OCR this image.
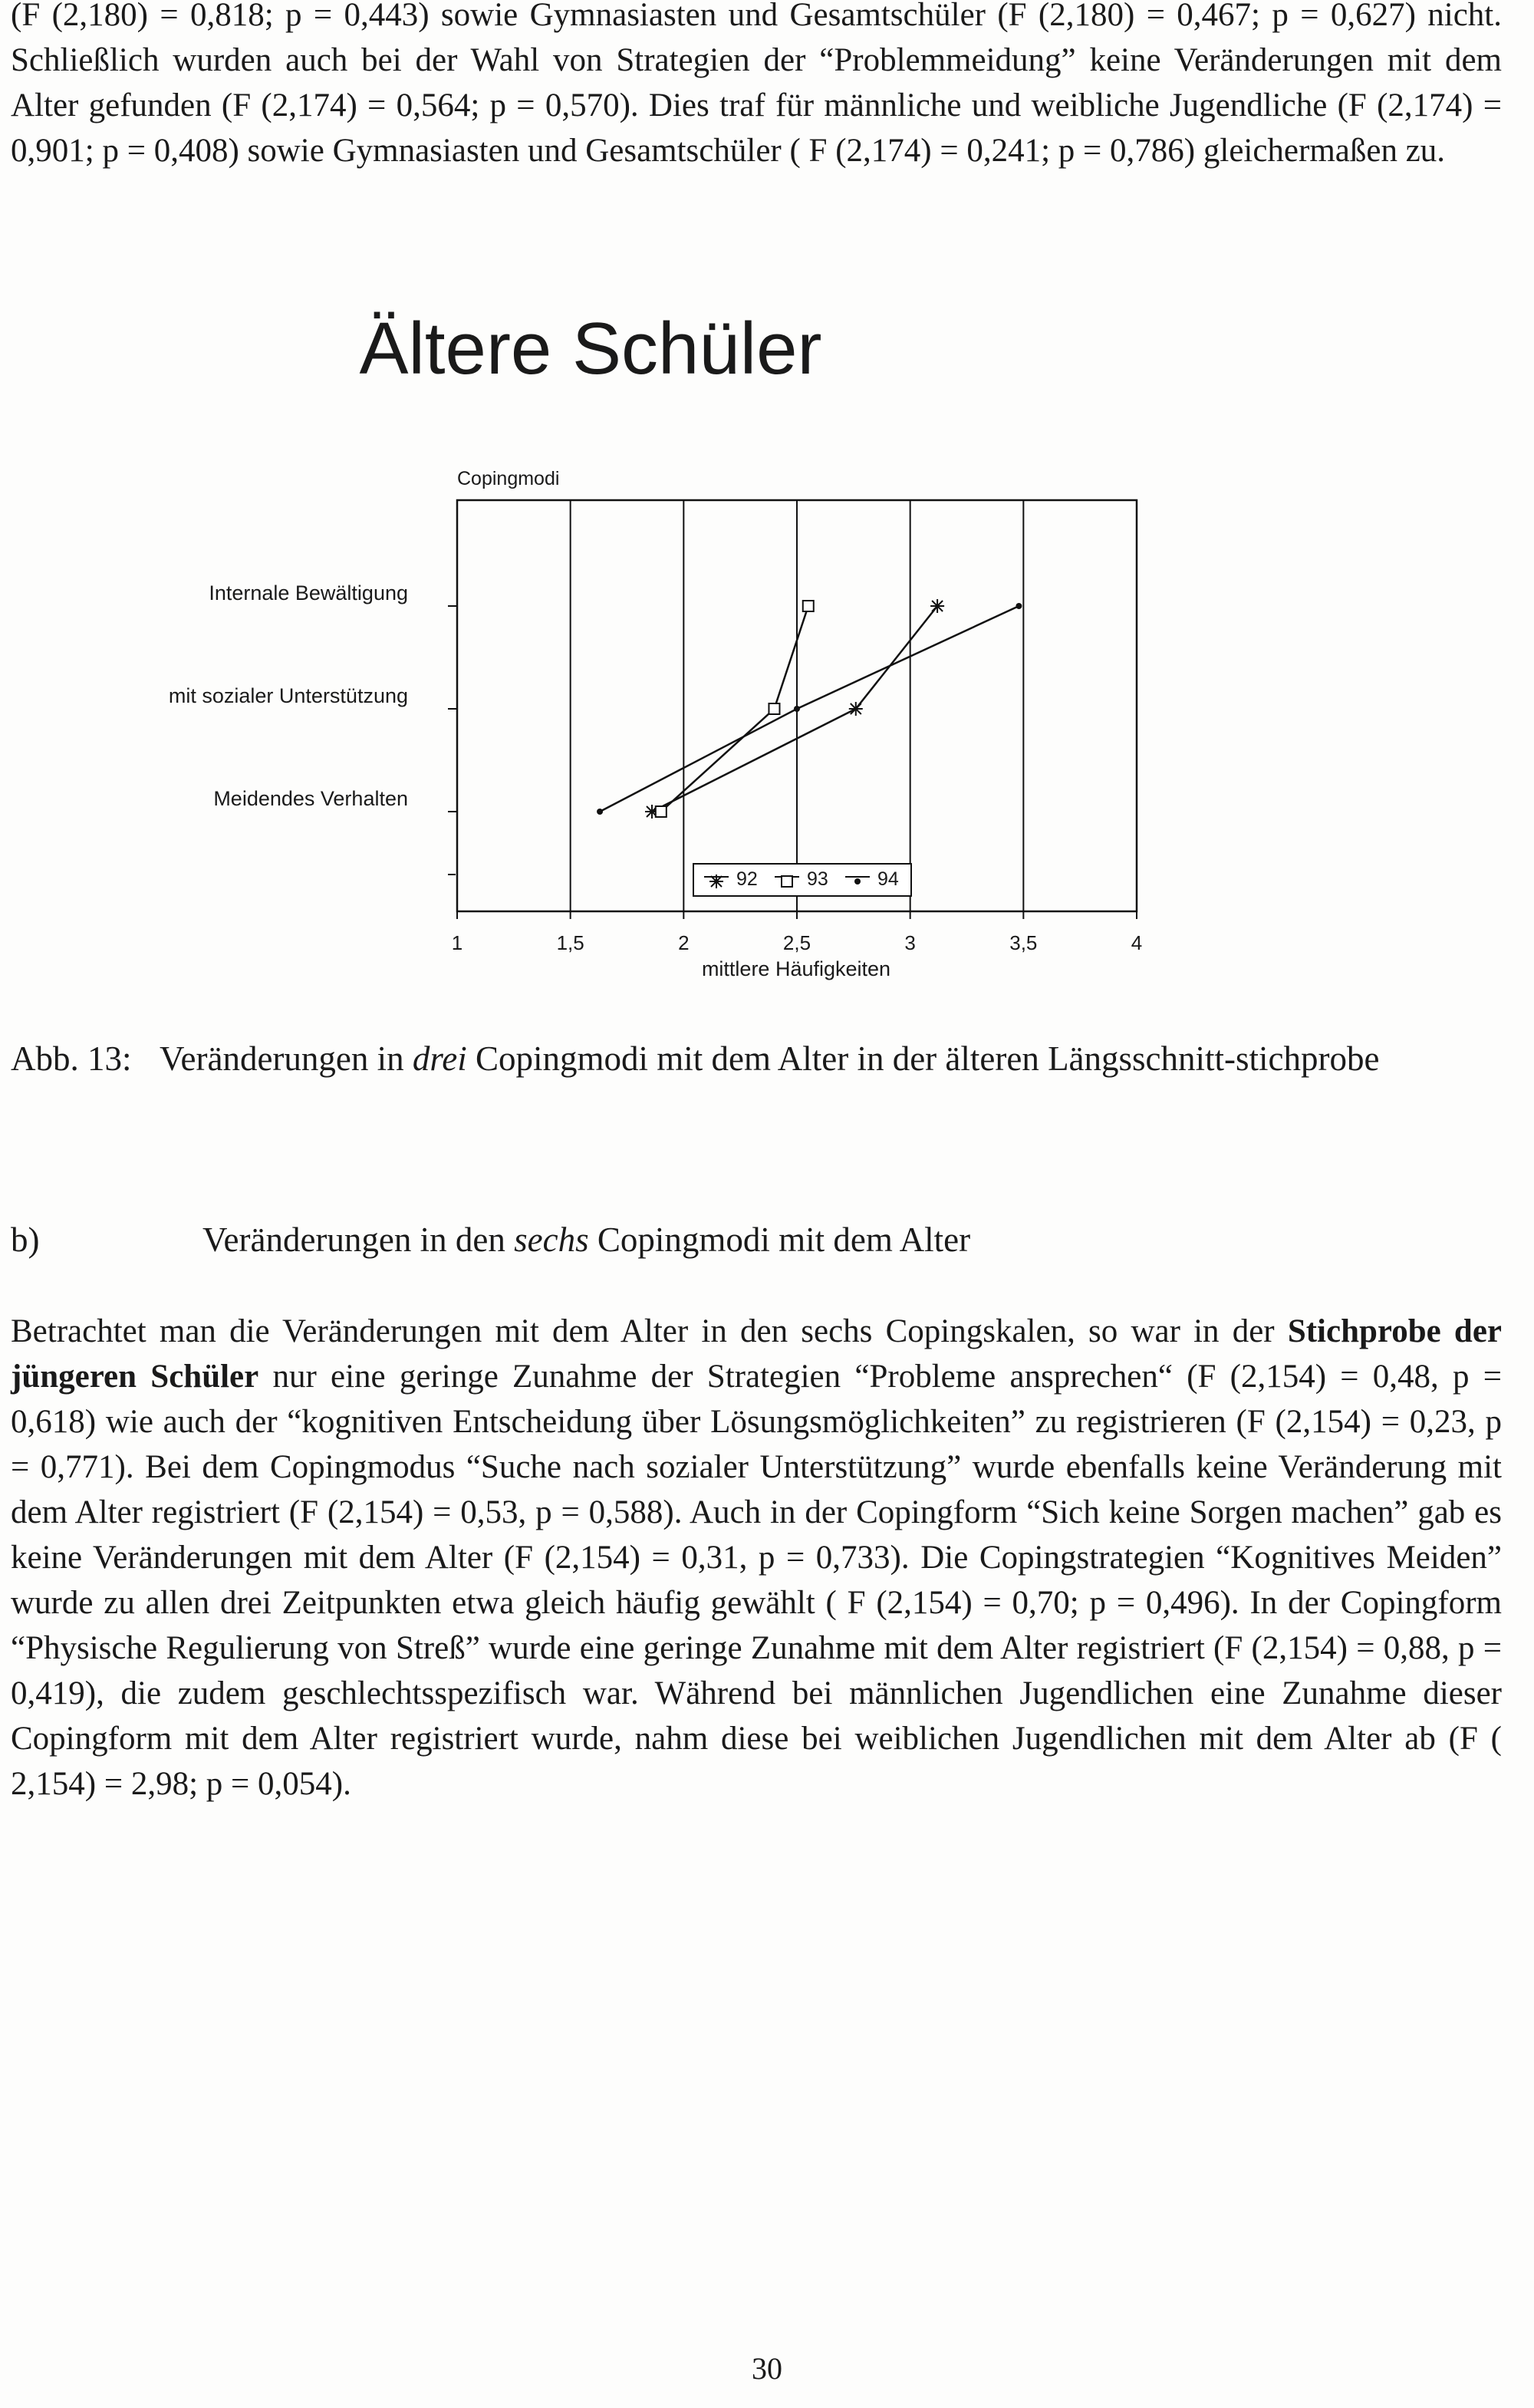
(F (2,180) = 0,818; p = 0,443) sowie Gymnasiasten und Gesamtschüler (F (2,180) = 0,467; p = 0,627) nicht. Schließlich wurden auch bei der Wahl von Strategien der “Problemmeidung” keine Veränderungen mit dem Alter gefunden (F (2,174) = 0,564; p = 0,570). Dies traf für männliche und weibliche Jugendliche (F (2,174) = 0,901; p = 0,408) sowie Gymnasiasten und Gesamtschüler ( F (2,174) = 0,241; p = 0,786) gleichermaßen zu.

Ältere Schüler
Copingmodi
Internale Bewältigung
mit sozialer Unterstützung
Meidendes Verhalten
1	1,5	2	2,5	3	3,5	4
mittlere Häufigkeiten
92	93	94
Abb. 13: Veränderungen in drei Copingmodi mit dem Alter in der älteren Längsschnitt-stichprobe
b)	Veränderungen in den sechs Copingmodi mit dem Alter

Betrachtet man die Veränderungen mit dem Alter in den sechs Copingskalen, so war in der Stichprobe der jüngeren Schüler nur eine geringe Zunahme der Strategien “Probleme ansprechen“ (F (2,154) = 0,48, p = 0,618) wie auch der “kognitiven Entscheidung über Lösungsmöglichkeiten” zu registrieren (F (2,154) = 0,23, p = 0,771). Bei dem Copingmodus “Suche nach sozialer Unterstützung” wurde ebenfalls keine Veränderung mit dem Alter registriert (F (2,154) = 0,53, p = 0,588). Auch in der Copingform “Sich keine Sorgen machen” gab es keine Veränderungen mit dem Alter (F (2,154) = 0,31, p = 0,733). Die Copingstrategien “Kognitives Meiden” wurde zu allen drei Zeitpunkten etwa gleich häufig gewählt ( F (2,154) = 0,70; p = 0,496). In der Copingform “Physische Regulierung von Streß” wurde eine geringe Zunahme mit dem Alter registriert (F (2,154) = 0,88, p = 0,419), die zudem geschlechtsspezifisch war. Während bei männlichen Jugendlichen eine Zunahme dieser Copingform mit dem Alter registriert wurde, nahm diese bei weiblichen Jugendlichen mit dem Alter ab (F ( 2,154) = 2,98; p = 0,054).

30
